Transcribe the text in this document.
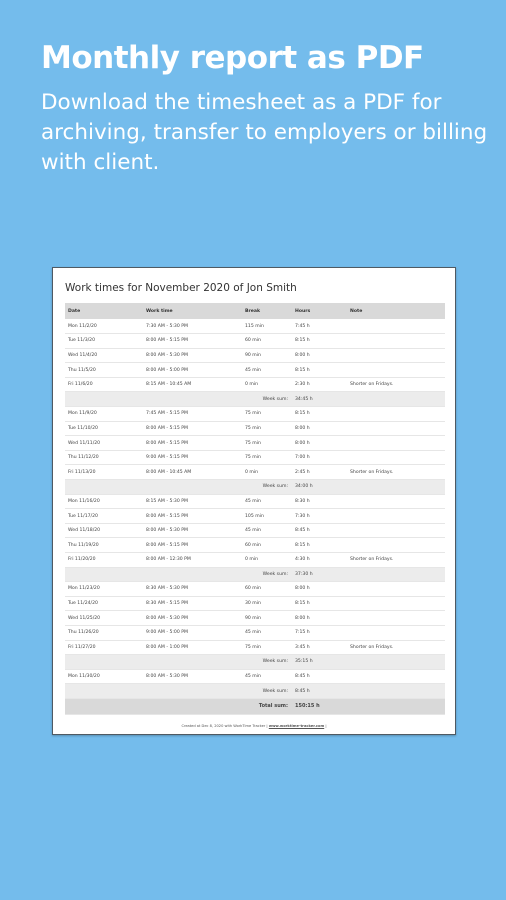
Monthly report as PDF
Download the timesheet as a PDF for archiving, transfer to employers or billing with client.
Work times for November 2020 of Jon Smith
Date	Work time	Break	Hours	Note
Mon 11/2/20	7:30 AM - 5:30 PM	115 min	7:45 h	
Tue 11/3/20	8:00 AM - 5:15 PM	60 min	8:15 h	
Wed 11/4/20	8:00 AM - 5:30 PM	90 min	8:00 h	
Thu 11/5/20	8:00 AM - 5:00 PM	45 min	8:15 h	
Fri 11/6/20	8:15 AM - 10:45 AM	0 min	2:30 h	Shorter on Fridays.
		Week sum:	34:45 h	
Mon 11/9/20	7:45 AM - 5:15 PM	75 min	8:15 h	
Tue 11/10/20	8:00 AM - 5:15 PM	75 min	8:00 h	
Wed 11/11/20	8:00 AM - 5:15 PM	75 min	8:00 h	
Thu 11/12/20	9:00 AM - 5:15 PM	75 min	7:00 h	
Fri 11/13/20	8:00 AM - 10:45 AM	0 min	2:45 h	Shorter on Fridays.
		Week sum:	34:00 h	
Mon 11/16/20	8:15 AM - 5:30 PM	45 min	8:30 h	
Tue 11/17/20	8:00 AM - 5:15 PM	105 min	7:30 h	
Wed 11/18/20	8:00 AM - 5:30 PM	45 min	8:45 h	
Thu 11/19/20	8:00 AM - 5:15 PM	60 min	8:15 h	
Fri 11/20/20	8:00 AM - 12:30 PM	0 min	4:30 h	Shorter on Fridays.
		Week sum:	37:30 h	
Mon 11/23/20	8:30 AM - 5:30 PM	60 min	8:00 h	
Tue 11/24/20	8:30 AM - 5:15 PM	30 min	8:15 h	
Wed 11/25/20	8:00 AM - 5:30 PM	90 min	8:00 h	
Thu 11/26/20	9:00 AM - 5:00 PM	45 min	7:15 h	
Fri 11/27/20	8:00 AM - 1:00 PM	75 min	3:45 h	Shorter on Fridays.
		Week sum:	35:15 h	
Mon 11/30/20	8:00 AM - 5:30 PM	45 min	8:45 h	
		Week sum:	8:45 h	
		Total sum:	150:15 h	
Created at Dec 8, 2020 with WorkTime Tracker | www.worktime-tracker.com |
